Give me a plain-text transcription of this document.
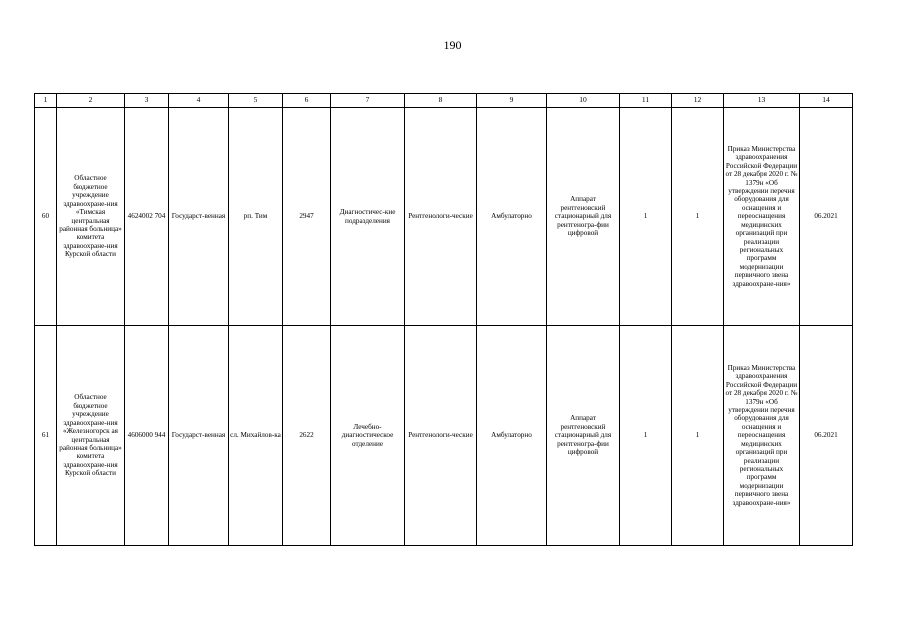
190
1	2	3	4	5	6	7	8	9	10	11	12	13	14
60	Областное бюджетное учреждение здравоохране-ния «Тимская центральная районная больница» комитета здравоохране-ния Курской области	4624002 704	Государст-венная	рп. Тим	2947	Диагностичес-кие подразделения	Рентгенологи-ческие	Амбулаторно	Аппарат рентгеновский стационарный для рентгеногра-фии цифровой	1	1	Приказ Министерства здравоохранения Российской Федерации от 28 декабря 2020 г. № 1379н «Об утверждении перечня оборудования для оснащения и переоснащения медицинских организаций при реализации региональных программ модернизации первичного звена здравоохране-ния»	06.2021
61	Областное бюджетное учреждение здравоохране-ния «Железногорск ая центральная районная больница» комитета здравоохране-ния Курской области	4606000 944	Государст-венная	сл. Михайлов-ка	2622	Лечебно-диагностическое отделение	Рентгенологи-ческие	Амбулаторно	Аппарат рентгеновский стационарный для рентгеногра-фии цифровой	1	1	Приказ Министерства здравоохранения Российской Федерации от 28 декабря 2020 г. № 1379н «Об утверждении перечня оборудования для оснащения и переоснащения медицинских организаций при реализации региональных программ модернизации первичного звена здравоохране-ния»	06.2021
